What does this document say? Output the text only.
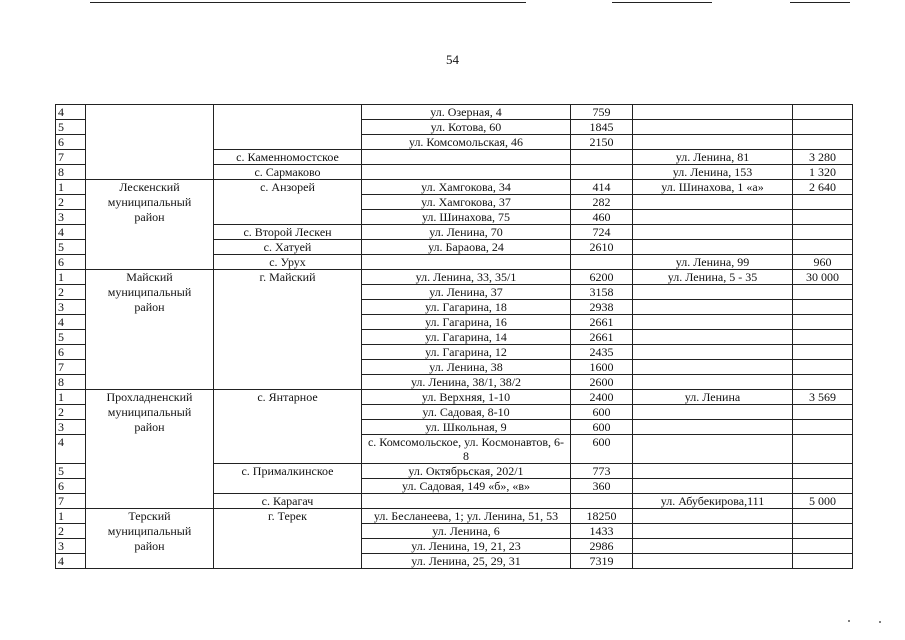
54
4			ул. Озерная, 4	759		
5			ул. Котова, 60	1845		
6			ул. Комсомольская, 46	2150		
7		с. Каменномостское			ул. Ленина, 81	3 280
8		с. Сармаково			ул. Ленина, 153	1 320
1	Лескенский	с. Анзорей	ул. Хамгокова, 34	414	ул. Шинахова, 1 «а»	2 640
2	муниципальный		ул. Хамгокова, 37	282		
3	район		ул. Шинахова, 75	460		
4		с. Второй Лескен	ул. Ленина, 70	724		
5		с. Хатуей	ул. Бараова, 24	2610		
6		с. Урух			ул. Ленина, 99	960
1	Майский	г. Майский	ул. Ленина, 33, 35/1	6200	ул. Ленина, 5 - 35	30 000
2	муниципальный		ул. Ленина, 37	3158		
3	район		ул. Гагарина, 18	2938		
4			ул. Гагарина, 16	2661		
5			ул. Гагарина, 14	2661		
6			ул. Гагарина, 12	2435		
7			ул. Ленина, 38	1600		
8			ул. Ленина, 38/1, 38/2	2600		
1	Прохладненский	с. Янтарное	ул. Верхняя, 1-10	2400	ул. Ленина	3 569
2	муниципальный		ул. Садовая, 8-10	600		
3	район		ул. Школьная, 9	600		
4			с. Комсомольское, ул. Космонавтов, 6-8	600		
5		с. Прималкинское	ул. Октябрьская, 202/1	773		
6			ул. Садовая, 149 «б», «в»	360		
7		с. Карагач			ул. Абубекирова,111	5 000
1	Терский	г. Терек	ул. Бесланеева, 1; ул. Ленина, 51, 53	18250		
2	муниципальный		ул. Ленина, 6	1433		
3	район		ул. Ленина, 19, 21, 23	2986		
4			ул. Ленина, 25, 29, 31	7319		
